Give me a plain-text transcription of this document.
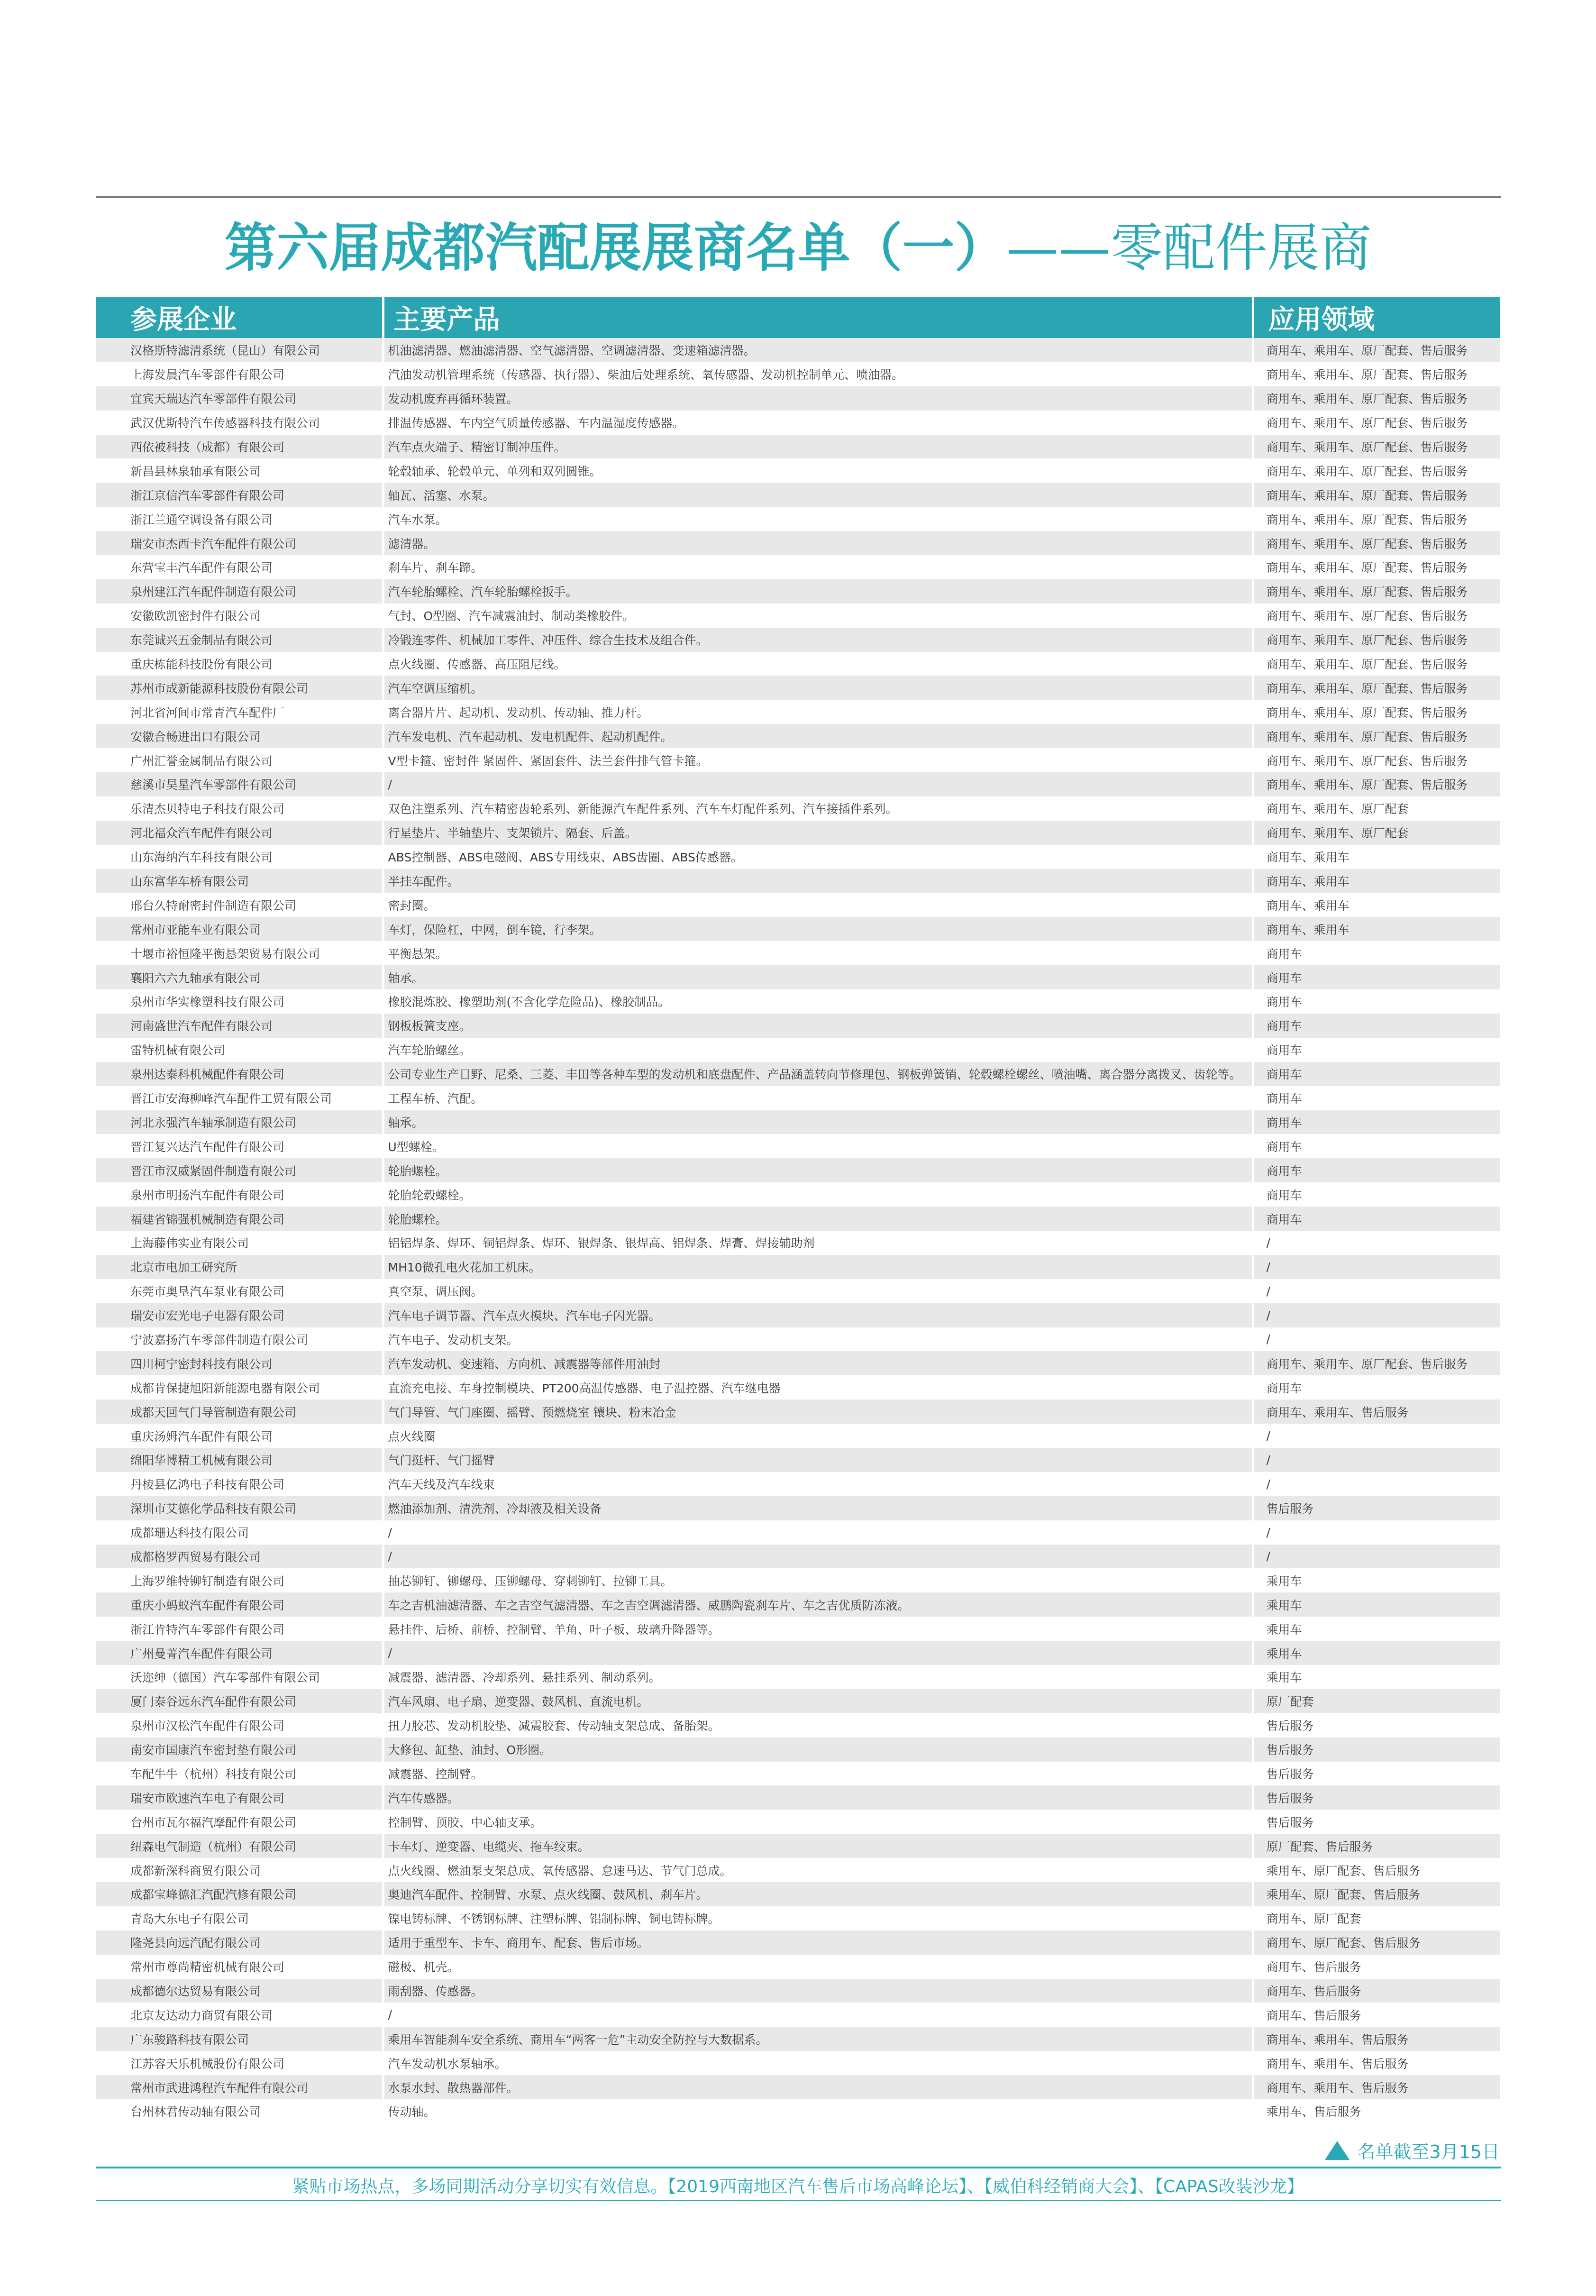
第六届成都汽配展展商名单（一）——零配件展商
参展企业	主要产品	应用领域
汉格斯特滤清系统（昆山）有限公司	机油滤清器、燃油滤清器、空气滤清器、空调滤清器、变速箱滤清器。	商用车、乘用车、原厂配套、售后服务
上海发晨汽车零部件有限公司	汽油发动机管理系统（传感器、执行器）、柴油后处理系统、氧传感器、发动机控制单元、喷油器。	商用车、乘用车、原厂配套、售后服务
宜宾天瑞达汽车零部件有限公司	发动机废弃再循环装置。	商用车、乘用车、原厂配套、售后服务
武汉优斯特汽车传感器科技有限公司	排温传感器、车内空气质量传感器、车内温湿度传感器。	商用车、乘用车、原厂配套、售后服务
西依被科技（成都）有限公司	汽车点火端子、精密订制冲压件。	商用车、乘用车、原厂配套、售后服务
新昌县林泉轴承有限公司	轮毂轴承、轮毂单元、单列和双列圆锥。	商用车、乘用车、原厂配套、售后服务
浙江京信汽车零部件有限公司	轴瓦、活塞、水泵。	商用车、乘用车、原厂配套、售后服务
浙江兰通空调设备有限公司	汽车水泵。	商用车、乘用车、原厂配套、售后服务
瑞安市杰西卡汽车配件有限公司	滤清器。	商用车、乘用车、原厂配套、售后服务
东营宝丰汽车配件有限公司	刹车片、刹车蹄。	商用车、乘用车、原厂配套、售后服务
泉州建江汽车配件制造有限公司	汽车轮胎螺栓、汽车轮胎螺栓扳手。	商用车、乘用车、原厂配套、售后服务
安徽欧凯密封件有限公司	气封、O型圈、汽车减震油封、制动类橡胶件。	商用车、乘用车、原厂配套、售后服务
东莞诚兴五金制品有限公司	冷锻连零件、机械加工零件、冲压件、综合生技术及组合件。	商用车、乘用车、原厂配套、售后服务
重庆栋能科技股份有限公司	点火线圈、传感器、高压阻尼线。	商用车、乘用车、原厂配套、售后服务
苏州市成新能源科技股份有限公司	汽车空调压缩机。	商用车、乘用车、原厂配套、售后服务
河北省河间市常青汽车配件厂	离合器片片、起动机、发动机、传动轴、推力杆。	商用车、乘用车、原厂配套、售后服务
安徽合畅进出口有限公司	汽车发电机、汽车起动机、发电机配件、起动机配件。	商用车、乘用车、原厂配套、售后服务
广州汇誉金属制品有限公司	V型卡箍、密封件 紧固件、紧固套件、法兰套件排气管卡箍。	商用车、乘用车、原厂配套、售后服务
慈溪市昊星汽车零部件有限公司	/	商用车、乘用车、原厂配套、售后服务
乐清杰贝特电子科技有限公司	双色注塑系列、汽车精密齿轮系列、新能源汽车配件系列、汽车车灯配件系列、汽车接插件系列。	商用车、乘用车、原厂配套
河北福众汽车配件有限公司	行星垫片、半轴垫片、支架锁片、隔套、后盖。	商用车、乘用车、原厂配套
山东海纳汽车科技有限公司	ABS控制器、ABS电磁阀、ABS专用线束、ABS齿圈、ABS传感器。	商用车、乘用车
山东富华车桥有限公司	半挂车配件。	商用车、乘用车
邢台久特耐密封件制造有限公司	密封圈。	商用车、乘用车
常州市亚能车业有限公司	车灯，保险杠，中网，倒车镜，行李架。	商用车、乘用车
十堰市裕恒隆平衡悬架贸易有限公司	平衡悬架。	商用车
襄阳六六九轴承有限公司	轴承。	商用车
泉州市华实橡塑科技有限公司	橡胶混炼胶、橡塑助剂(不含化学危险品)、橡胶制品。	商用车
河南盛世汽车配件有限公司	钢板板簧支座。	商用车
雷特机械有限公司	汽车轮胎螺丝。	商用车
泉州达泰科机械配件有限公司	公司专业生产日野、尼桑、三菱、丰田等各种车型的发动机和底盘配件、产品涵盖转向节修理包、钢板弹簧销、轮毂螺栓螺丝、喷油嘴、离合器分离拨叉、齿轮等。	商用车
晋江市安海柳峰汽车配件工贸有限公司	工程车桥、汽配。	商用车
河北永强汽车轴承制造有限公司	轴承。	商用车
晋江复兴达汽车配件有限公司	U型螺栓。	商用车
晋江市汉威紧固件制造有限公司	轮胎螺栓。	商用车
泉州市明扬汽车配件有限公司	轮胎轮毂螺栓。	商用车
福建省锦强机械制造有限公司	轮胎螺栓。	商用车
上海藤伟实业有限公司	铝铝焊条、焊环、铜铝焊条、焊环、银焊条、银焊高、铝焊条、焊膏、焊接辅助剂	/
北京市电加工研究所	MH10微孔电火花加工机床。	/
东莞市奥垦汽车泵业有限公司	真空泵、调压阀。	/
瑞安市宏光电子电器有限公司	汽车电子调节器、汽车点火模块、汽车电子闪光器。	/
宁波嘉扬汽车零部件制造有限公司	汽车电子、发动机支架。	/
四川柯宁密封科技有限公司	汽车发动机、变速箱、方向机、减震器等部件用油封	商用车、乘用车、原厂配套、售后服务
成都肯保捷旭阳新能源电器有限公司	直流充电接、车身控制模块、PT200高温传感器、电子温控器、汽车继电器	商用车
成都天回气门导管制造有限公司	气门导管、气门座圈、摇臂、预燃烧室 镶块、粉末冶金	商用车、乘用车、售后服务
重庆汤姆汽车配件有限公司	点火线圈	/
绵阳华博精工机械有限公司	气门挺杆、气门摇臂	/
丹棱县亿鸿电子科技有限公司	汽车天线及汽车线束	/
深圳市艾德化学品科技有限公司	燃油添加剂、清洗剂、冷却液及相关设备	售后服务
成都珊达科技有限公司	/	/
成都格罗西贸易有限公司	/	/
上海罗维特铆钉制造有限公司	抽芯铆钉、铆螺母、压铆螺母、穿刺铆钉、拉铆工具。	乘用车
重庆小蚂蚁汽车配件有限公司	车之吉机油滤清器、车之吉空气滤清器、车之吉空调滤清器、威鹏陶瓷刹车片、车之吉优质防冻液。	乘用车
浙江肯特汽车零部件有限公司	悬挂件、后桥、前桥、控制臂、羊角、叶子板、玻璃升降器等。	乘用车
广州曼菁汽车配件有限公司	/	乘用车
沃迩绅（德国）汽车零部件有限公司	减震器、滤清器、冷却系列、悬挂系列、制动系列。	乘用车
厦门泰谷远东汽车配件有限公司	汽车风扇、电子扇、逆变器、鼓风机、直流电机。	原厂配套
泉州市汉松汽车配件有限公司	扭力胶芯、发动机胶垫、减震胶套、传动轴支架总成、备胎架。	售后服务
南安市国康汽车密封垫有限公司	大修包、缸垫、油封、O形圈。	售后服务
车配牛牛（杭州）科技有限公司	减震器、控制臂。	售后服务
瑞安市欧速汽车电子有限公司	汽车传感器。	售后服务
台州市瓦尔福汽摩配件有限公司	控制臂、顶胶、中心轴支承。	售后服务
纽森电气制造（杭州）有限公司	卡车灯、逆变器、电缆夹、拖车绞束。	原厂配套、售后服务
成都新深科商贸有限公司	点火线圈、燃油泵支架总成、氧传感器、怠速马达、节气门总成。	乘用车、原厂配套、售后服务
成都宝峰德汇汽配汽修有限公司	奥迪汽车配件、控制臂、水泵、点火线圈、鼓风机、刹车片。	乘用车、原厂配套、售后服务
青岛大东电子有限公司	镍电铸标牌、不锈钢标牌、注塑标牌、铝制标牌、铜电铸标牌。	商用车、原厂配套
隆尧县向远汽配有限公司	适用于重型车、卡车、商用车、配套、售后市场。	商用车、原厂配套、售后服务
常州市尊尚精密机械有限公司	磁极、机壳。	商用车、售后服务
成都德尔达贸易有限公司	雨刮器、传感器。	商用车、售后服务
北京友达动力商贸有限公司	/	商用车、售后服务
广东骏路科技有限公司	乘用车智能刹车安全系统、商用车“两客一危”主动安全防控与大数据系。	商用车、乘用车、售后服务
江苏容天乐机械股份有限公司	汽车发动机水泵轴承。	商用车、乘用车、售后服务
常州市武进鸿程汽车配件有限公司	水泵水封、散热器部件。	商用车、乘用车、售后服务
台州林君传动轴有限公司	传动轴。	乘用车、售后服务
名单截至3月15日
紧贴市场热点，多场同期活动分享切实有效信息。【2019西南地区汽车售后市场高峰论坛】、【威伯科经销商大会】、【CAPAS改装沙龙】
